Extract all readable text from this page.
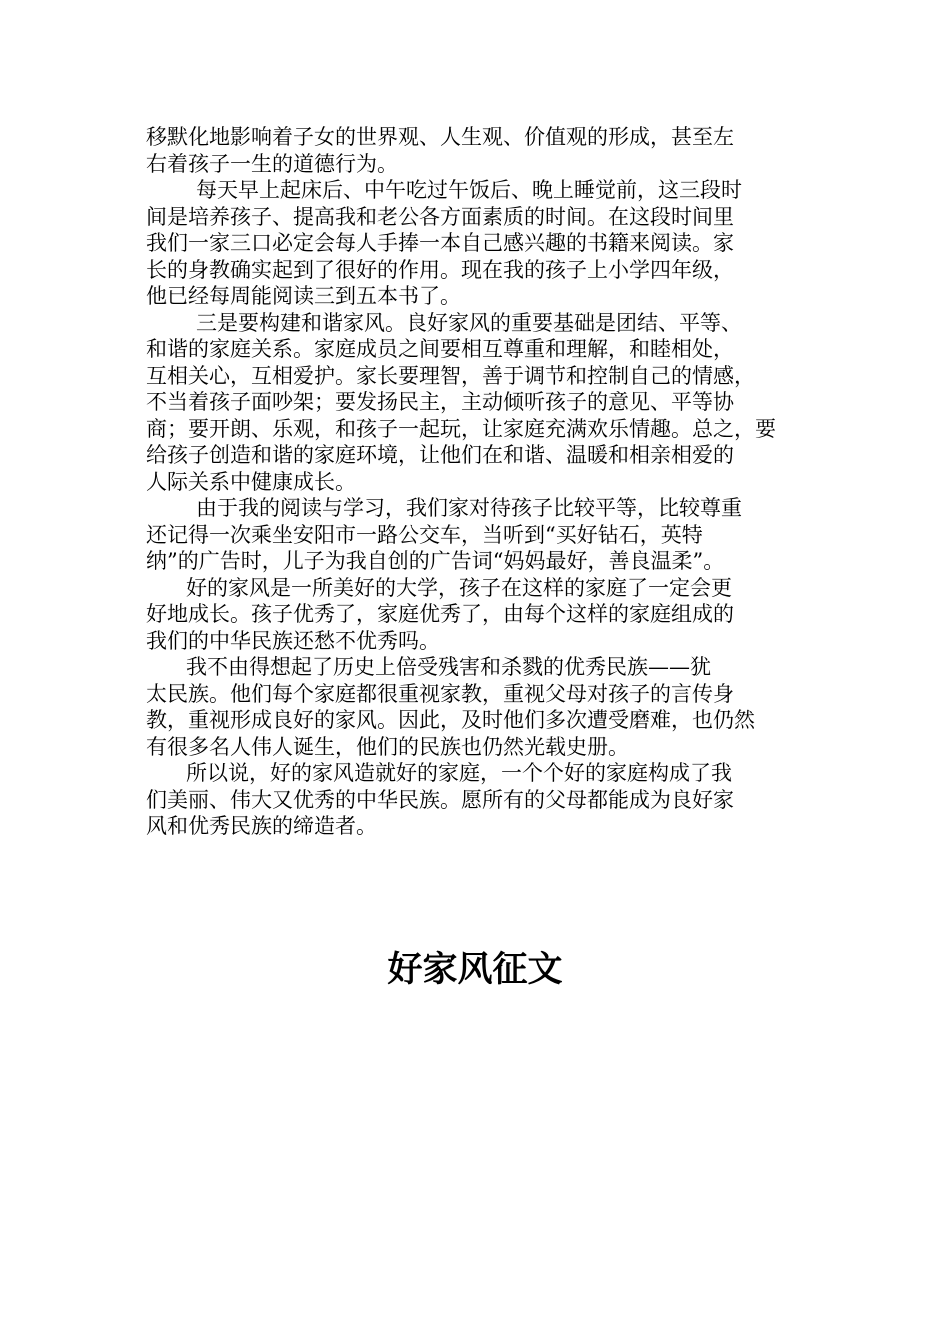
移默化地影响着子女的世界观、人生观、价值观的形成，甚至左
右着孩子一生的道德行为。

每天早上起床后、中午吃过午饭后、晚上睡觉前，这三段时
间是培养孩子、提高我和老公各方面素质的时间。在这段时间里
我们一家三口必定会每人手捧一本自己感兴趣的书籍来阅读。家
长的身教确实起到了很好的作用。现在我的孩子上小学四年级，
他已经每周能阅读三到五本书了。

三是要构建和谐家风。良好家风的重要基础是团结、平等、
和谐的家庭关系。家庭成员之间要相互尊重和理解，和睦相处，
互相关心，互相爱护。家长要理智，善于调节和控制自己的情感，
不当着孩子面吵架；要发扬民主，主动倾听孩子的意见、平等协
商；要开朗、乐观，和孩子一起玩，让家庭充满欢乐情趣。总之，要
给孩子创造和谐的家庭环境，让他们在和谐、温暖和相亲相爱的
人际关系中健康成长。

由于我的阅读与学习，我们家对待孩子比较平等，比较尊重
还记得一次乘坐安阳市一路公交车，当听到“买好钻石，英特
纳”的广告时，儿子为我自创的广告词“妈妈最好，善良温柔”。

好的家风是一所美好的大学，孩子在这样的家庭了一定会更
好地成长。孩子优秀了，家庭优秀了，由每个这样的家庭组成的
我们的中华民族还愁不优秀吗。

我不由得想起了历史上倍受残害和杀戮的优秀民族——犹
太民族。他们每个家庭都很重视家教，重视父母对孩子的言传身
教，重视形成良好的家风。因此，及时他们多次遭受磨难，也仍然
有很多名人伟人诞生，他们的民族也仍然光载史册。

所以说，好的家风造就好的家庭，一个个好的家庭构成了我
们美丽、伟大又优秀的中华民族。愿所有的父母都能成为良好家
风和优秀民族的缔造者。

好家风征文
